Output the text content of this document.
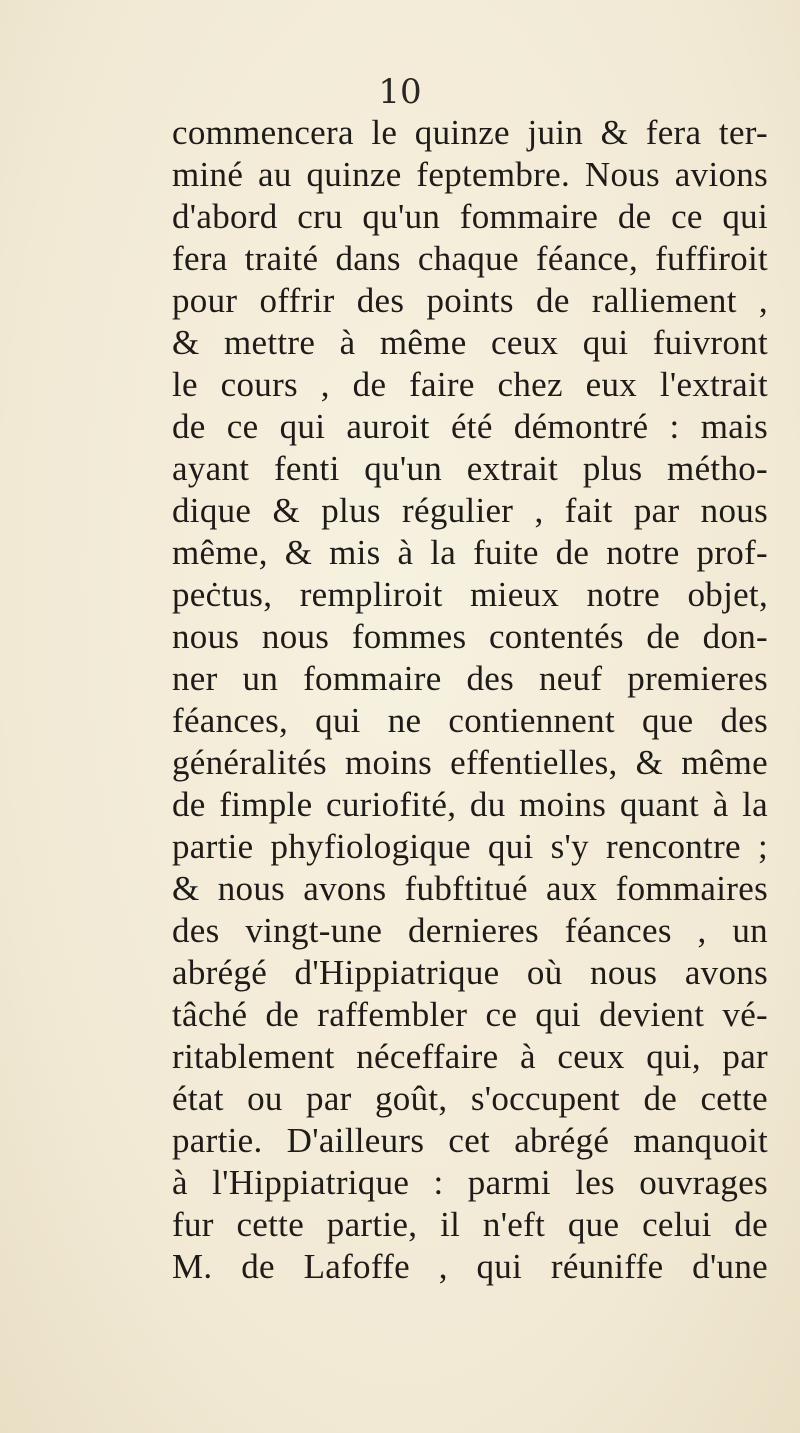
10
commencera le quinze juin & fera ter-
miné au quinze feptembre. Nous avions
d'abord cru qu'un fommaire de ce qui
fera traité dans chaque féance, fuffiroit
pour offrir des points de ralliement ,
& mettre à même ceux qui fuivront
le cours , de faire chez eux l'extrait
de ce qui auroit été démontré : mais
ayant fenti qu'un extrait plus métho-
dique & plus régulier , fait par nous
même, & mis à la fuite de notre prof-
peċtus, rempliroit mieux notre objet,
nous nous fommes contentés de don-
ner un fommaire des neuf premieres
féances, qui ne contiennent que des
généralités moins effentielles, & même
de fimple curiofité, du moins quant à la
partie phyfiologique qui s'y rencontre ;
& nous avons fubftitué aux fommaires
des vingt-une dernieres féances , un
abrégé d'Hippiatrique où nous avons
tâché de raffembler ce qui devient vé-
ritablement néceffaire à ceux qui, par
état ou par goût, s'occupent de cette
partie. D'ailleurs cet abrégé manquoit
à l'Hippiatrique : parmi les ouvrages
fur cette partie, il n'eft que celui de
M. de Lafoffe , qui réuniffe d'une
